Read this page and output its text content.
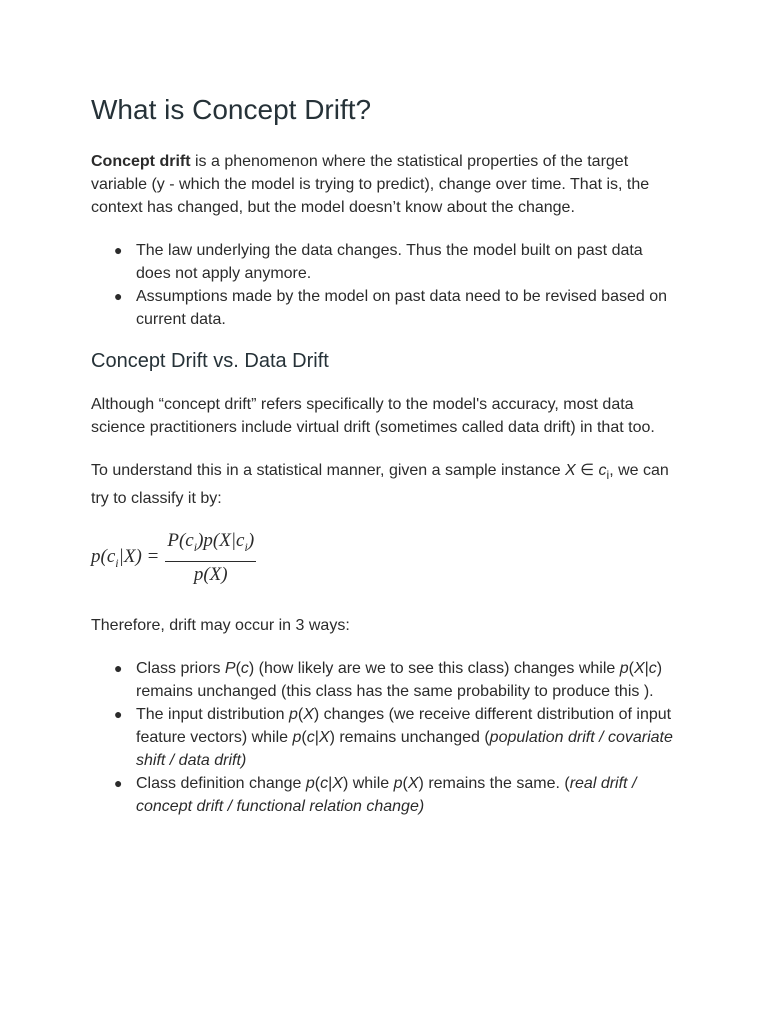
What is Concept Drift?

Concept drift is a phenomenon where the statistical properties of the target variable (y - which the model is trying to predict), change over time. That is, the context has changed, but the model doesn’t know about the change.

● The law underlying the data changes. Thus the model built on past data does not apply anymore.
● Assumptions made by the model on past data need to be revised based on current data.
Concept Drift vs. Data Drift

Although “concept drift” refers specifically to the model's accuracy, most data science practitioners include virtual drift (sometimes called data drift) in that too.

To understand this in a statistical manner, given a sample instance X ∈ $c_i$, we can try to classify it by:

$p(c_i|X) = \frac{P(c_i)p(X|c_i)}{p(X)}$

Therefore, drift may occur in 3 ways:

● Class priors P(c) (how likely are we to see this class) changes while p(X|c) remains unchanged (this class has the same probability to produce this ).
● The input distribution p(X) changes (we receive different distribution of input feature vectors) while p(c|X) remains unchanged (population drift / covariate shift / data drift)
● Class definition change p(c|X) while p(X) remains the same. (real drift / concept drift / functional relation change)
